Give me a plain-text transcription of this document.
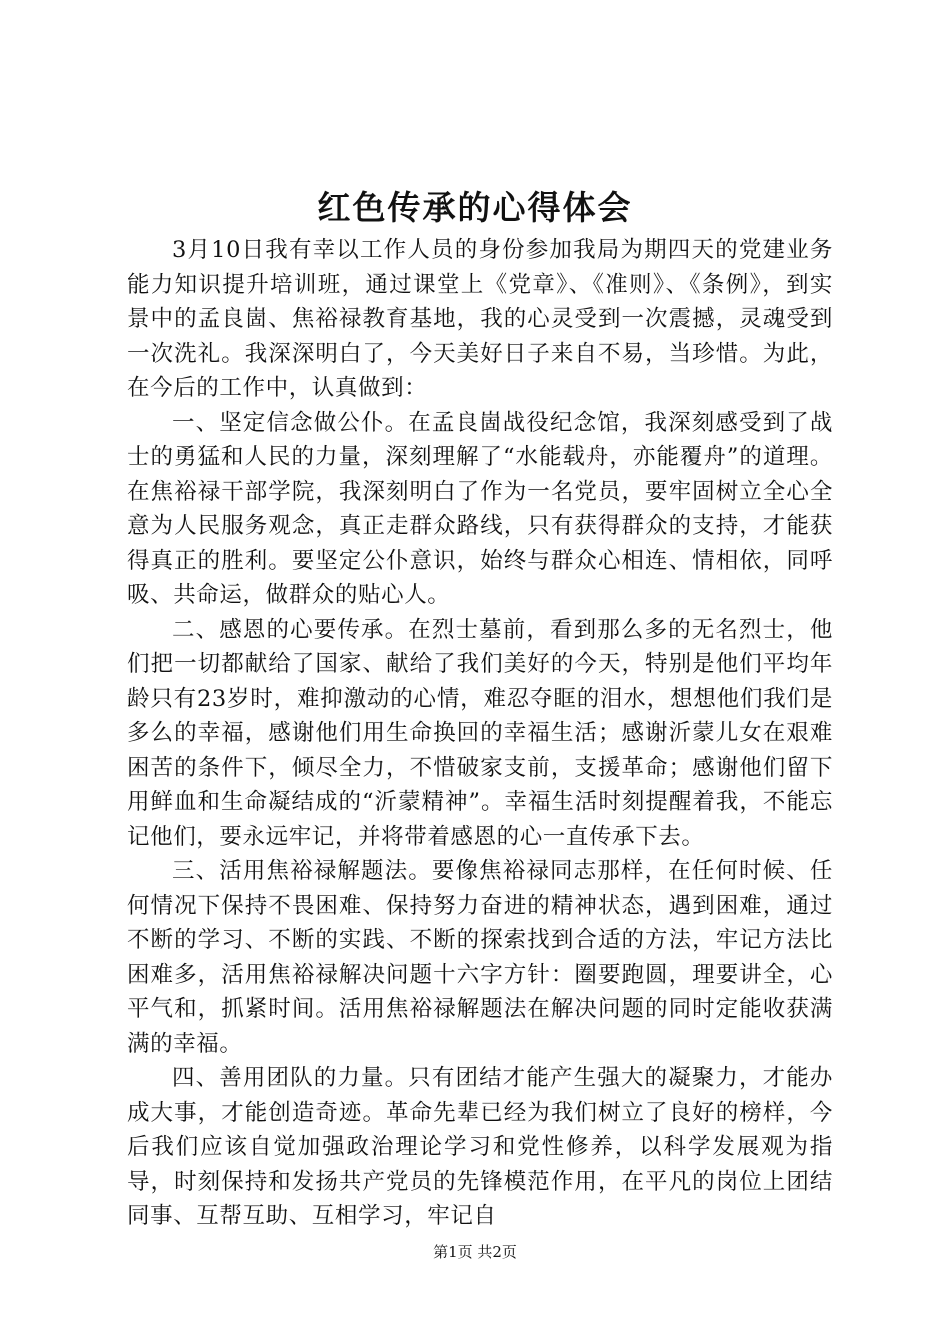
红色传承的心得体会

3月10日我有幸以工作人员的身份参加我局为期四天的党建业务能力知识提升培训班，通过课堂上《党章》、《准则》、《条例》，到实景中的孟良崮、焦裕禄教育基地，我的心灵受到一次震撼，灵魂受到一次洗礼。我深深明白了，今天美好日子来自不易，当珍惜。为此，在今后的工作中，认真做到：

一、坚定信念做公仆。在孟良崮战役纪念馆，我深刻感受到了战士的勇猛和人民的力量，深刻理解了“水能载舟，亦能覆舟”的道理。在焦裕禄干部学院，我深刻明白了作为一名党员，要牢固树立全心全意为人民服务观念，真正走群众路线，只有获得群众的支持，才能获得真正的胜利。要坚定公仆意识，始终与群众心相连、情相依，同呼吸、共命运，做群众的贴心人。

二、感恩的心要传承。在烈士墓前，看到那么多的无名烈士，他们把一切都献给了国家、献给了我们美好的今天，特别是他们平均年龄只有23岁时，难抑激动的心情，难忍夺眶的泪水，想想他们我们是多么的幸福，感谢他们用生命换回的幸福生活；感谢沂蒙儿女在艰难困苦的条件下，倾尽全力，不惜破家支前，支援革命；感谢他们留下用鲜血和生命凝结成的“沂蒙精神”。幸福生活时刻提醒着我，不能忘记他们，要永远牢记，并将带着感恩的心一直传承下去。

三、活用焦裕禄解题法。要像焦裕禄同志那样，在任何时候、任何情况下保持不畏困难、保持努力奋进的精神状态，遇到困难，通过不断的学习、不断的实践、不断的探索找到合适的方法，牢记方法比困难多，活用焦裕禄解决问题十六字方针：圈要跑圆，理要讲全，心平气和，抓紧时间。活用焦裕禄解题法在解决问题的同时定能收获满满的幸福。

四、善用团队的力量。只有团结才能产生强大的凝聚力，才能办成大事，才能创造奇迹。革命先辈已经为我们树立了良好的榜样，今后我们应该自觉加强政治理论学习和党性修养，以科学发展观为指导，时刻保持和发扬共产党员的先锋模范作用，在平凡的岗位上团结同事、互帮互助、互相学习，牢记自

第1页 共2页
